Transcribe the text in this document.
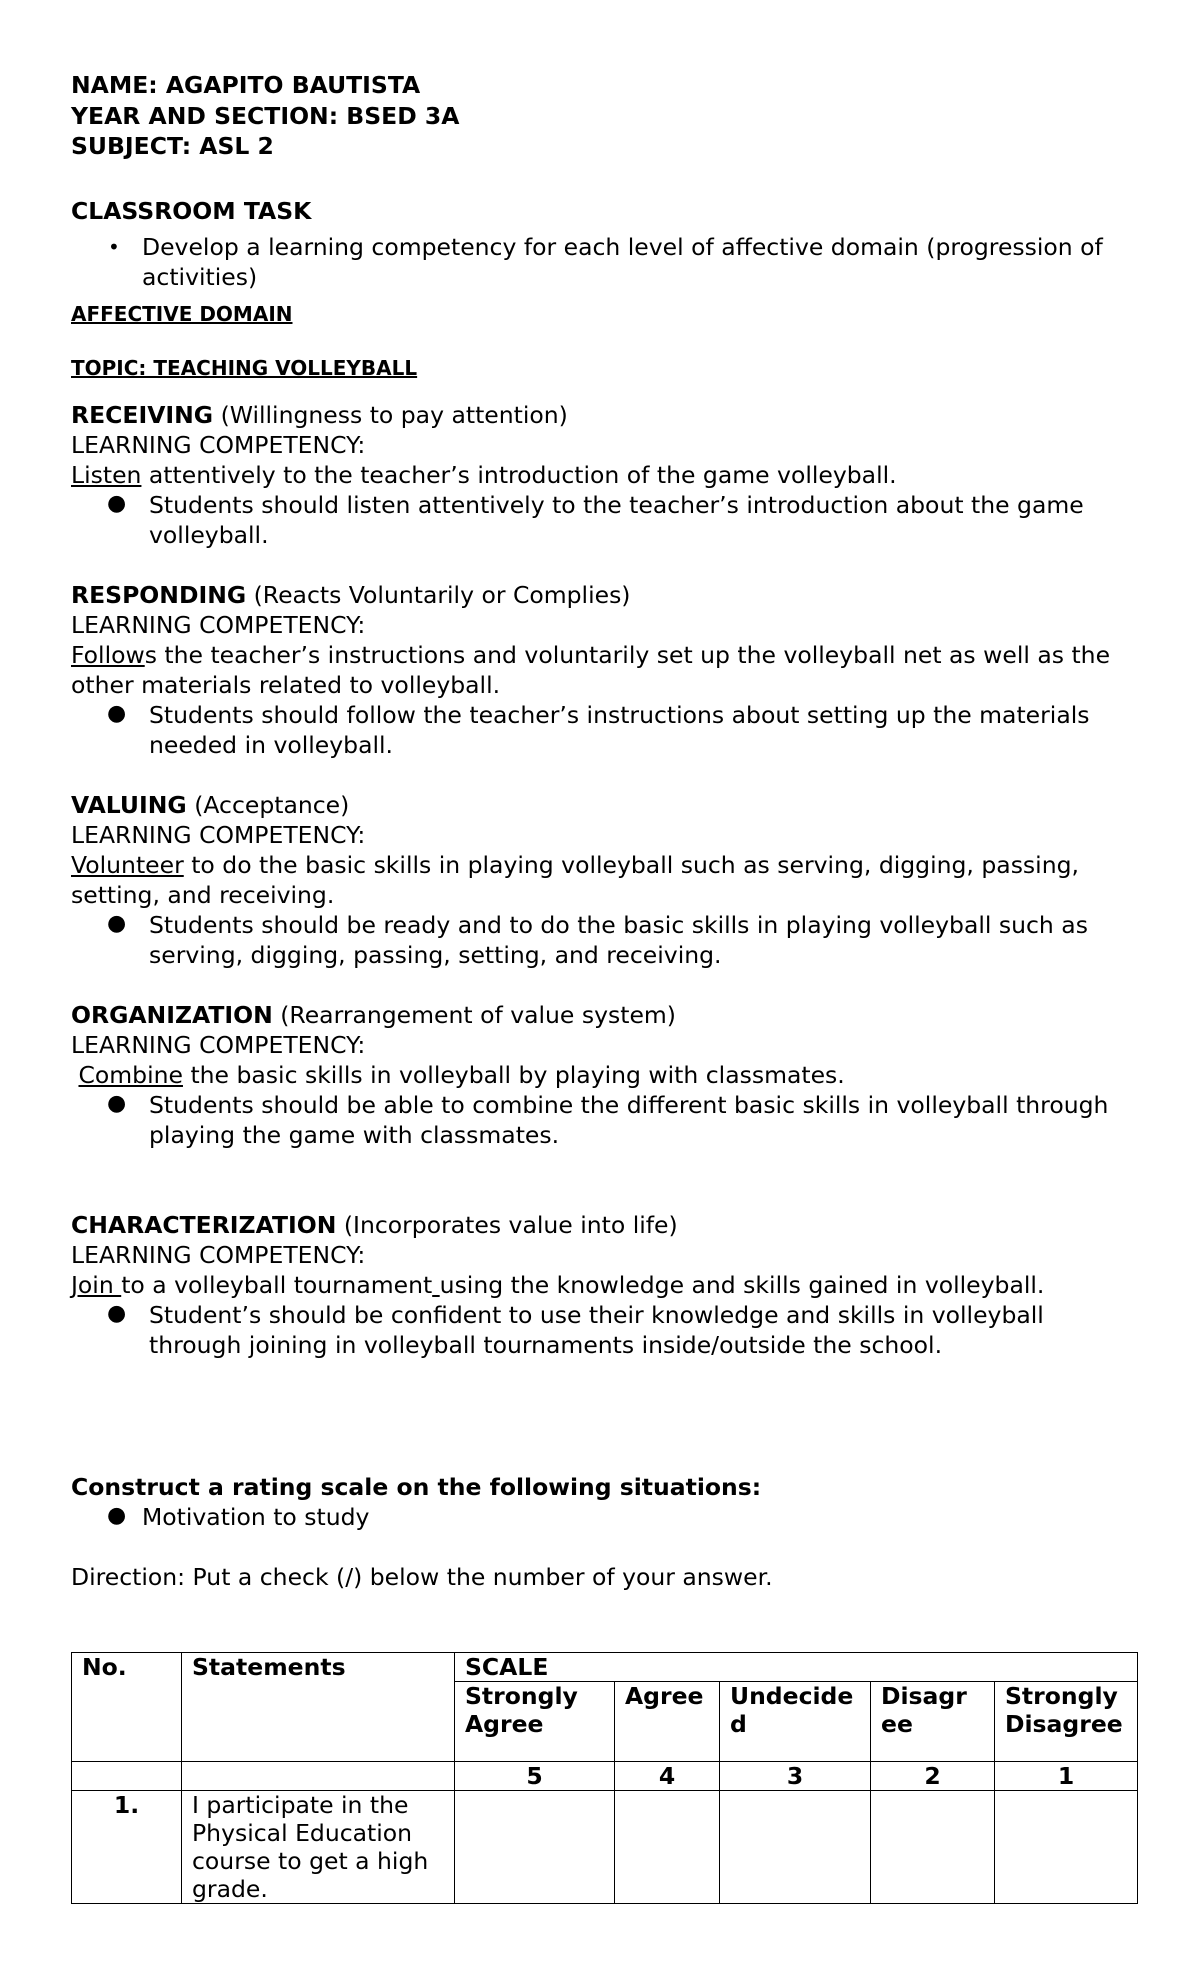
NAME: AGAPITO BAUTISTA
YEAR AND SECTION: BSED 3A
SUBJECT: ASL 2
CLASSROOM TASK
• Develop a learning competency for each level of affective domain (progression of activities)
AFFECTIVE DOMAIN
TOPIC: TEACHING VOLLEYBALL
RECEIVING (Willingness to pay attention)
LEARNING COMPETENCY:
Listen attentively to the teacher’s introduction of the game volleyball.
● Students should listen attentively to the teacher’s introduction about the game volleyball.
RESPONDING (Reacts Voluntarily or Complies)
LEARNING COMPETENCY:
Follows the teacher’s instructions and voluntarily set up the volleyball net as well as the other materials related to volleyball.
● Students should follow the teacher’s instructions about setting up the materials needed in volleyball.
VALUING (Acceptance)
LEARNING COMPETENCY:
Volunteer to do the basic skills in playing volleyball such as serving, digging, passing, setting, and receiving.
● Students should be ready and to do the basic skills in playing volleyball such as serving, digging, passing, setting, and receiving.
ORGANIZATION (Rearrangement of value system)
LEARNING COMPETENCY:
Combine the basic skills in volleyball by playing with classmates.
● Students should be able to combine the different basic skills in volleyball through playing the game with classmates.
CHARACTERIZATION (Incorporates value into life)
LEARNING COMPETENCY:
Join to a volleyball tournament using the knowledge and skills gained in volleyball.
● Student’s should be confident to use their knowledge and skills in volleyball through joining in volleyball tournaments inside/outside the school.
Construct a rating scale on the following situations:
● Motivation to study
Direction: Put a check (/) below the number of your answer.
No.	Statements	SCALE				
		Strongly Agree	Agree	Undecide d	Disagr ee	Strongly Disagree
		5	4	3	2	1
1.	I participate in the Physical Education course to get a high grade.					
